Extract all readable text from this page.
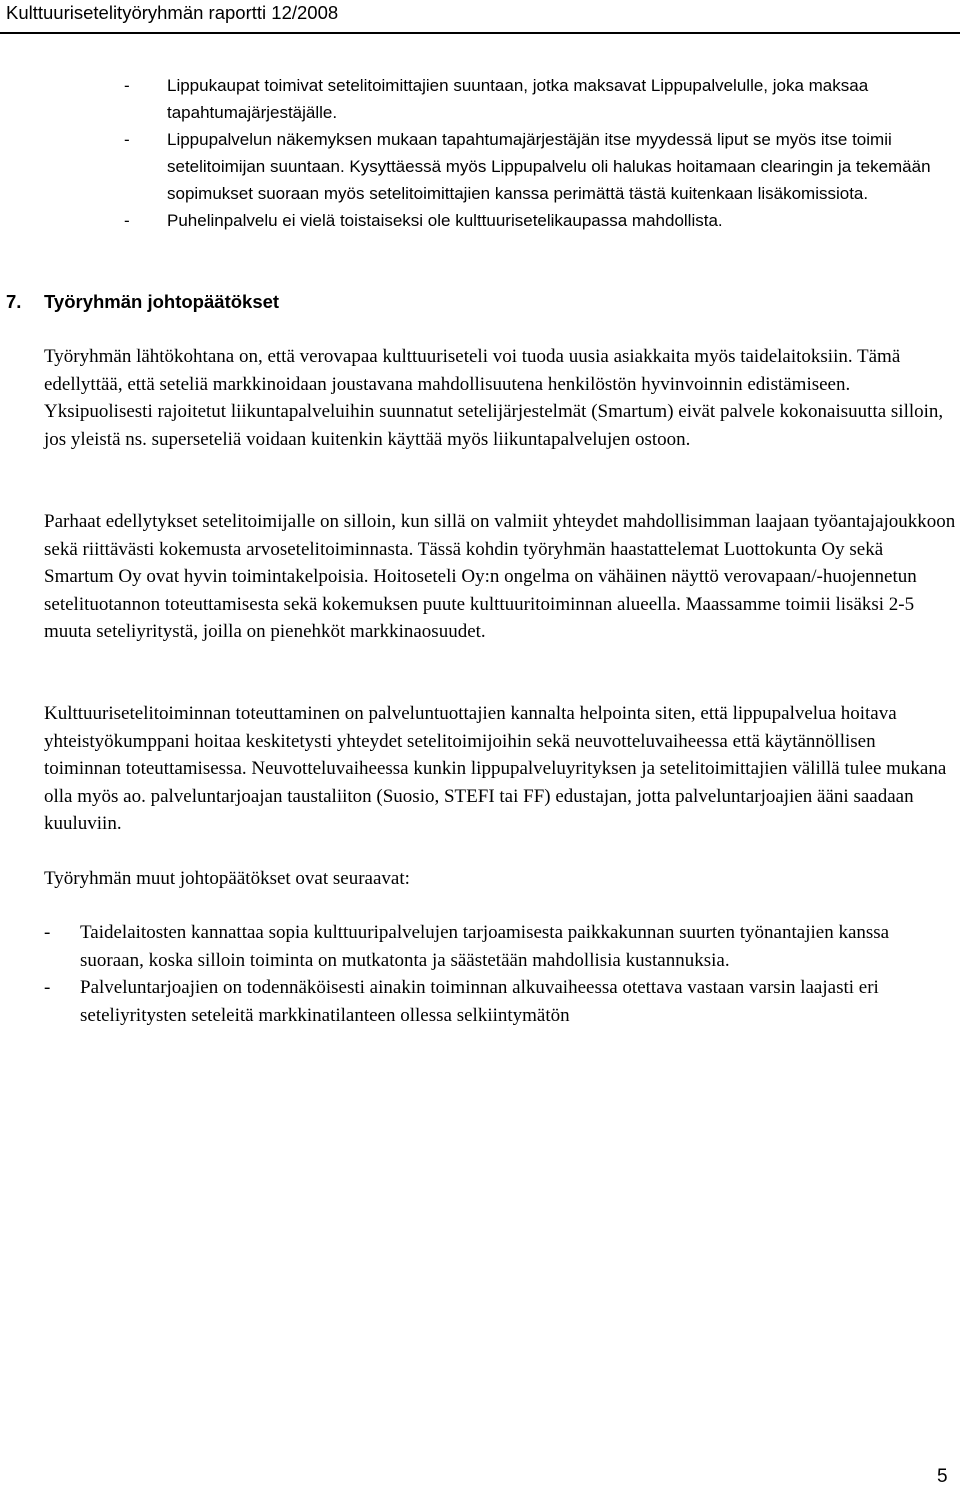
Kulttuurisetelityöryhmän raportti 12/2008
- Lippukaupat toimivat setelitoimittajien suuntaan, jotka maksavat Lippupalvelulle, joka maksaa tapahtumajärjestäjälle.
- Lippupalvelun näkemyksen mukaan tapahtumajärjestäjän itse myydessä liput se myös itse toimii setelitoimijan suuntaan. Kysyttäessä myös Lippupalvelu oli halukas hoitamaan clearingin ja tekemään sopimukset suoraan myös setelitoimittajien kanssa perimättä tästä kuitenkaan lisäkomissiota.
- Puhelinpalvelu ei vielä toistaiseksi ole kulttuurisetelikaupassa mahdollista.
7. Työryhmän johtopäätökset

Työryhmän lähtökohtana on, että verovapaa kulttuuriseteli voi tuoda uusia asiakkaita myös taidelaitoksiin. Tämä edellyttää, että seteliä markkinoidaan joustavana mahdollisuutena henkilöstön hyvinvoinnin edistämiseen. Yksipuolisesti rajoitetut liikuntapalveluihin suunnatut setelijärjestelmät (Smartum) eivät palvele kokonaisuutta silloin, jos yleistä ns. superseteliä voidaan kuitenkin käyttää myös liikuntapalvelujen ostoon.

Parhaat edellytykset setelitoimijalle on silloin, kun sillä on valmiit yhteydet mahdollisimman laajaan työantajajoukkoon sekä riittävästi kokemusta arvosetelitoiminnasta. Tässä kohdin työryhmän haastattelemat Luottokunta Oy sekä Smartum Oy ovat hyvin toimintakelpoisia. Hoitoseteli Oy:n ongelma on vähäinen näyttö verovapaan/-huojennetun setelituotannon toteuttamisesta sekä kokemuksen puute kulttuuritoiminnan alueella. Maassamme toimii lisäksi 2-5 muuta seteliyritystä, joilla on pienehköt markkinaosuudet.

Kulttuurisetelitoiminnan toteuttaminen on palveluntuottajien kannalta helpointa siten, että lippupalvelua hoitava yhteistyökumppani hoitaa keskitetysti yhteydet setelitoimijoihin sekä neuvotteluvaiheessa että käytännöllisen toiminnan toteuttamisessa. Neuvotteluvaiheessa kunkin lippupalveluyrityksen ja setelitoimittajien välillä tulee mukana olla myös ao. palveluntarjoajan taustaliiton (Suosio, STEFI tai FF) edustajan, jotta palveluntarjoajien ääni saadaan kuuluviin.

Työryhmän muut johtopäätökset ovat seuraavat:

- Taidelaitosten kannattaa sopia kulttuuripalvelujen tarjoamisesta paikkakunnan suurten työnantajien kanssa suoraan, koska silloin toiminta on mutkatonta ja säästetään mahdollisia kustannuksia.
- Palveluntarjoajien on todennäköisesti ainakin toiminnan alkuvaiheessa otettava vastaan varsin laajasti eri seteliyritysten seteleitä markkinatilanteen ollessa selkiintymätön
5
